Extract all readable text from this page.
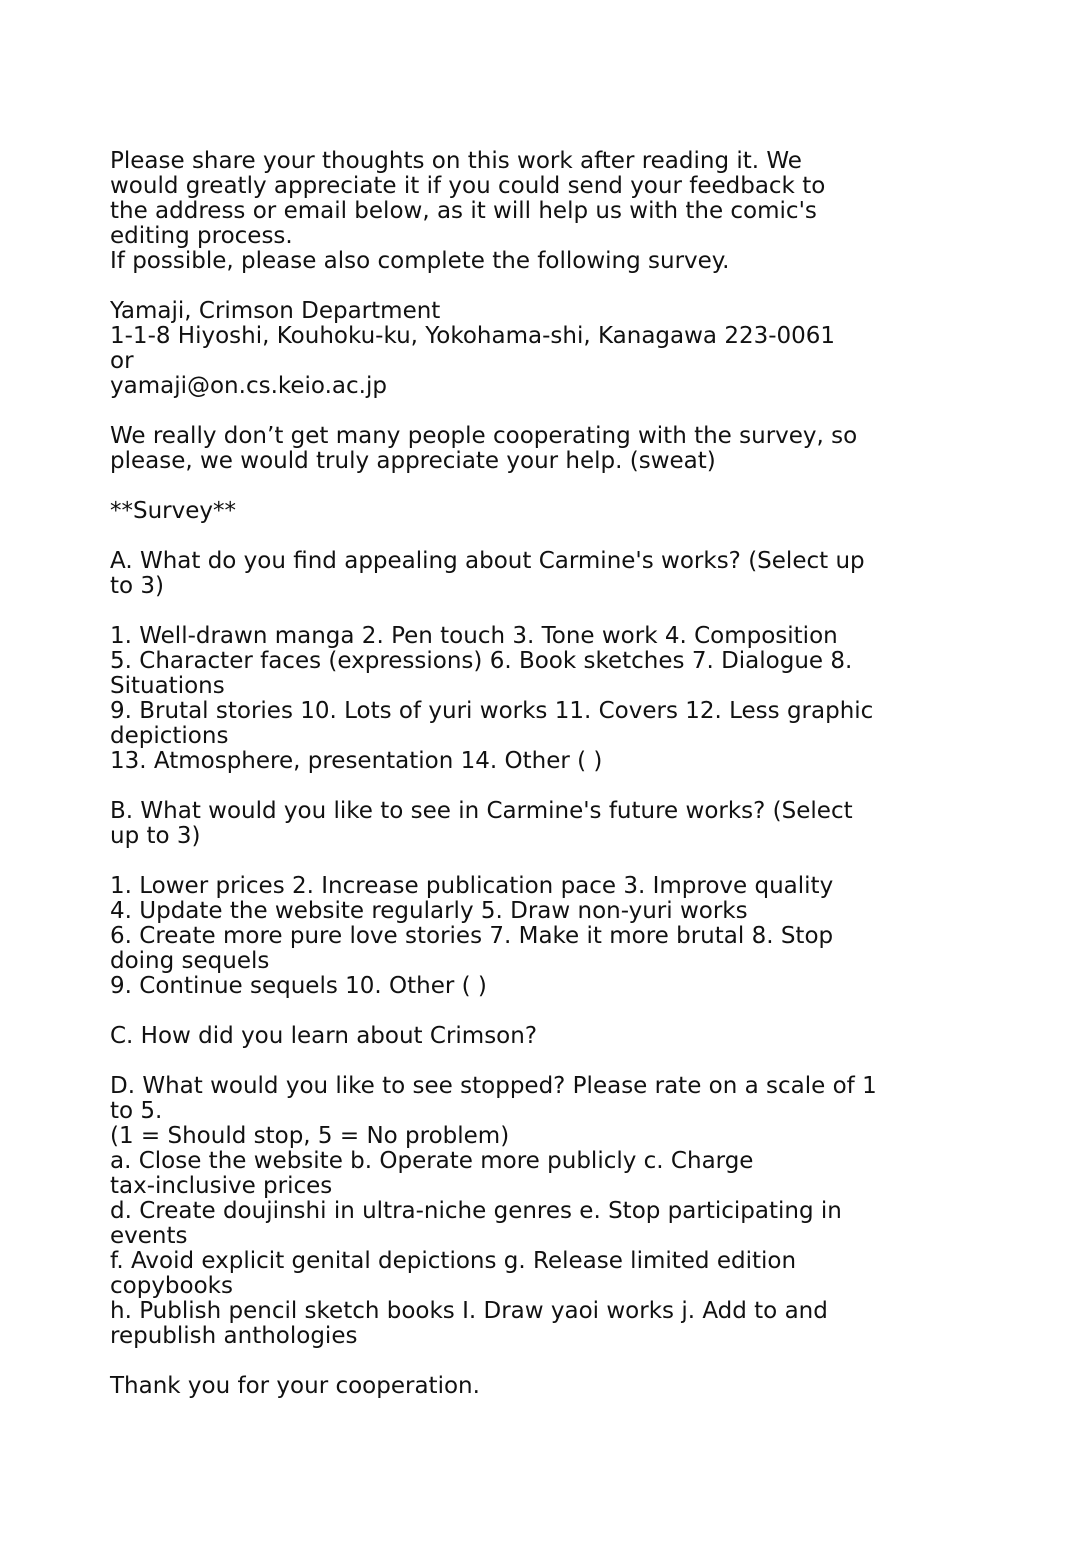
Please share your thoughts on this work after reading it. We
would greatly appreciate it if you could send your feedback to
the address or email below, as it will help us with the comic's
editing process.
If possible, please also complete the following survey.
Yamaji, Crimson Department
1-1-8 Hiyoshi, Kouhoku-ku, Yokohama-shi, Kanagawa 223-0061
or
yamaji@on.cs.keio.ac.jp
We really don’t get many people cooperating with the survey, so
please, we would truly appreciate your help. (sweat)
**Survey**
A. What do you find appealing about Carmine's works? (Select up
to 3)
1. Well-drawn manga 2. Pen touch 3. Tone work 4. Composition
5. Character faces (expressions) 6. Book sketches 7. Dialogue 8.
Situations
9. Brutal stories 10. Lots of yuri works 11. Covers 12. Less graphic
depictions
13. Atmosphere, presentation 14. Other ( )
B. What would you like to see in Carmine's future works? (Select
up to 3)
1. Lower prices 2. Increase publication pace 3. Improve quality
4. Update the website regularly 5. Draw non-yuri works
6. Create more pure love stories 7. Make it more brutal 8. Stop
doing sequels
9. Continue sequels 10. Other ( )
C. How did you learn about Crimson?
D. What would you like to see stopped? Please rate on a scale of 1
to 5.
(1 = Should stop, 5 = No problem)
a. Close the website b. Operate more publicly c. Charge
tax-inclusive prices
d. Create doujinshi in ultra-niche genres e. Stop participating in
events
f. Avoid explicit genital depictions g. Release limited edition
copybooks
h. Publish pencil sketch books I. Draw yaoi works j. Add to and
republish anthologies
Thank you for your cooperation.
